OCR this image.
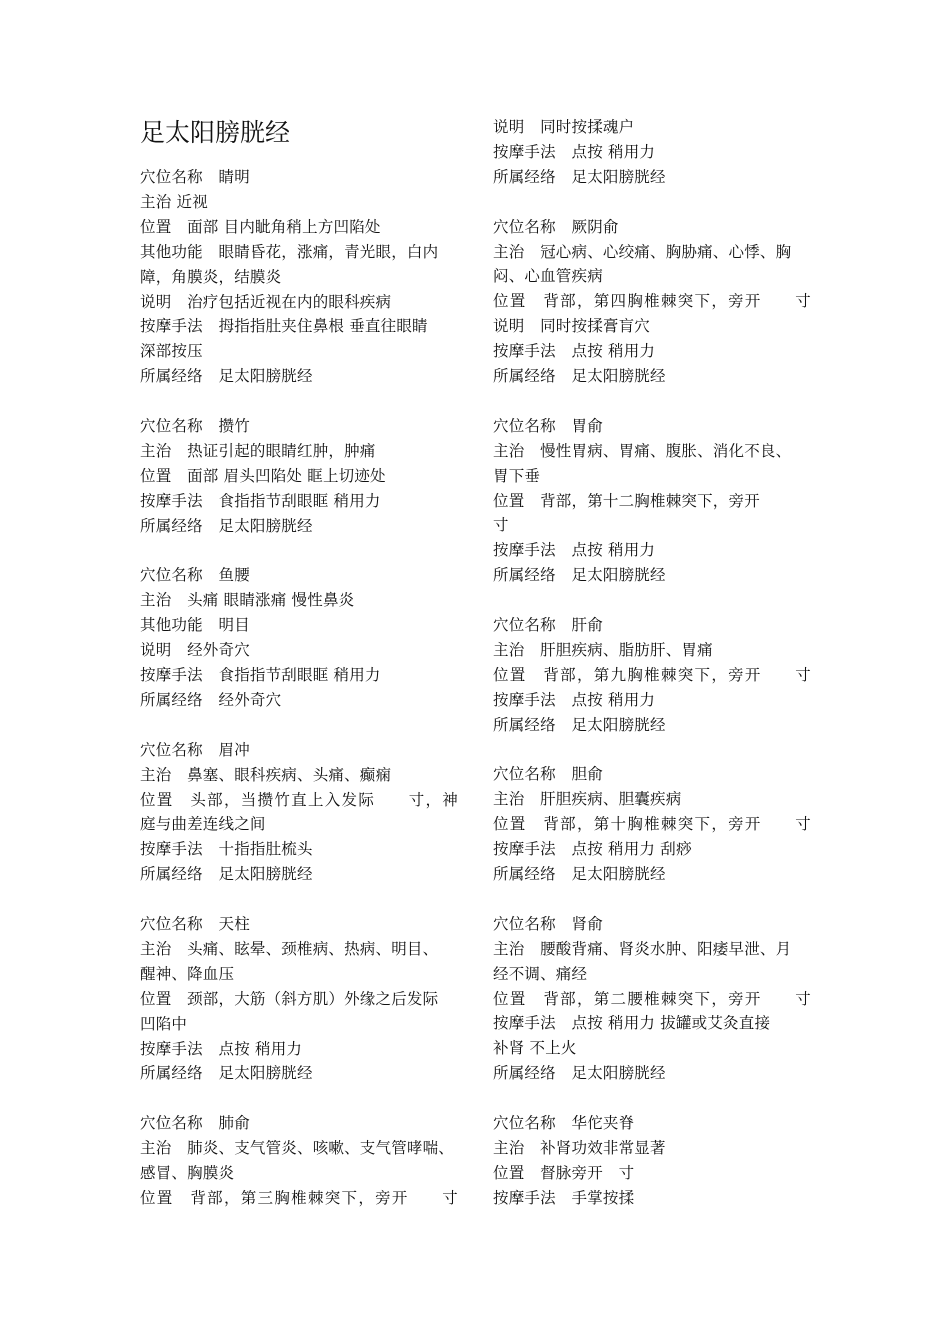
足太阳膀胱经
穴位名称　睛明
主治 近视
位置　面部 目内眦角稍上方凹陷处
其他功能　眼睛昏花，涨痛，青光眼，白内
障，角膜炎，结膜炎
说明　治疗包括近视在内的眼科疾病
按摩手法　拇指指肚夹住鼻根 垂直往眼睛
深部按压
所属经络　足太阳膀胱经
穴位名称　攒竹
主治　热证引起的眼睛红肿，肿痛
位置　面部 眉头凹陷处 眶上切迹处
按摩手法　食指指节刮眼眶 稍用力
所属经络　足太阳膀胱经
穴位名称　鱼腰
主治　头痛 眼睛涨痛 慢性鼻炎
其他功能　明目
说明　经外奇穴
按摩手法　食指指节刮眼眶 稍用力
所属经络　经外奇穴
穴位名称　眉冲
主治　鼻塞、眼科疾病、头痛、癫痫
位置　头部，当攒竹直上入发际　　寸，神
庭与曲差连线之间
按摩手法　十指指肚梳头
所属经络　足太阳膀胱经
穴位名称　天柱
主治　头痛、眩晕、颈椎病、热病、明目、
醒神、降血压
位置　颈部，大筋（斜方肌）外缘之后发际
凹陷中
按摩手法　点按 稍用力
所属经络　足太阳膀胱经
穴位名称　肺俞
主治　肺炎、支气管炎、咳嗽、支气管哮喘、
感冒、胸膜炎
位置　背部，第三胸椎棘突下，旁开　　寸
说明　同时按揉魂户
按摩手法　点按 稍用力
所属经络　足太阳膀胱经
穴位名称　厥阴俞
主治　冠心病、心绞痛、胸胁痛、心悸、胸
闷、心血管疾病
位置　背部，第四胸椎棘突下，旁开　　寸
说明　同时按揉膏肓穴
按摩手法　点按 稍用力
所属经络　足太阳膀胱经
穴位名称　胃俞
主治　慢性胃病、胃痛、腹胀、消化不良、
胃下垂
位置　背部，第十二胸椎棘突下，旁开
寸
按摩手法　点按 稍用力
所属经络　足太阳膀胱经
穴位名称　肝俞
主治　肝胆疾病、脂肪肝、胃痛
位置　背部，第九胸椎棘突下，旁开　　寸
按摩手法　点按 稍用力
所属经络　足太阳膀胱经
穴位名称　胆俞
主治　肝胆疾病、胆囊疾病
位置　背部，第十胸椎棘突下，旁开　　寸
按摩手法　点按 稍用力 刮痧
所属经络　足太阳膀胱经
穴位名称　肾俞
主治　腰酸背痛、肾炎水肿、阳痿早泄、月
经不调、痛经
位置　背部，第二腰椎棘突下，旁开　　寸
按摩手法　点按 稍用力 拔罐或艾灸直接
补肾 不上火
所属经络　足太阳膀胱经
穴位名称　华佗夹脊
主治　补肾功效非常显著
位置　督脉旁开　寸
按摩手法　手掌按揉
